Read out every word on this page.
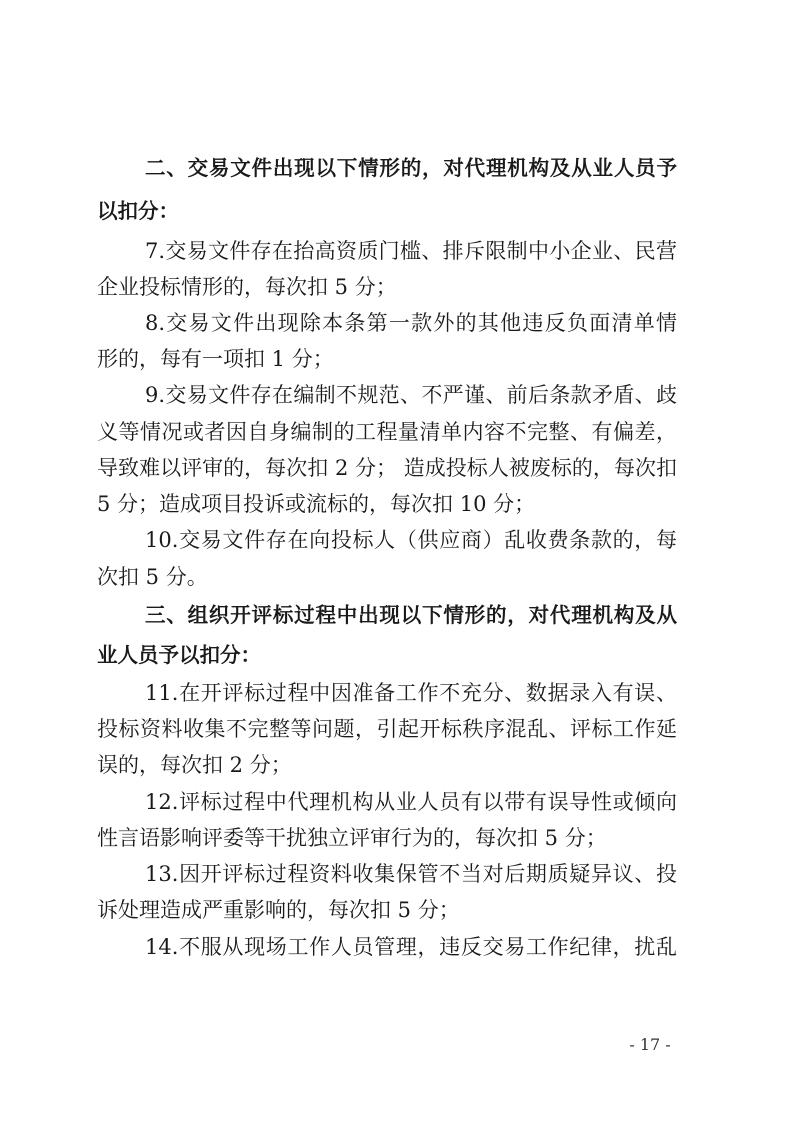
二、交易文件出现以下情形的，对代理机构及从业人员予
以扣分：
7.交易文件存在抬高资质门槛、排斥限制中小企业、民营
企业投标情形的，每次扣 5 分；
8.交易文件出现除本条第一款外的其他违反负面清单情
形的，每有一项扣 1 分；
9.交易文件存在编制不规范、不严谨、前后条款矛盾、歧
义等情况或者因自身编制的工程量清单内容不完整、有偏差，
导致难以评审的，每次扣 2 分； 造成投标人被废标的，每次扣
5 分；造成项目投诉或流标的，每次扣 10 分；
10.交易文件存在向投标人（供应商）乱收费条款的，每
次扣 5 分。
三、组织开评标过程中出现以下情形的，对代理机构及从
业人员予以扣分：
11.在开评标过程中因准备工作不充分、数据录入有误、
投标资料收集不完整等问题，引起开标秩序混乱、评标工作延
误的，每次扣 2 分；
12.评标过程中代理机构从业人员有以带有误导性或倾向
性言语影响评委等干扰独立评审行为的，每次扣 5 分；
13.因开评标过程资料收集保管不当对后期质疑异议、投
诉处理造成严重影响的，每次扣 5 分；
14.不服从现场工作人员管理，违反交易工作纪律，扰乱
- 17 -
